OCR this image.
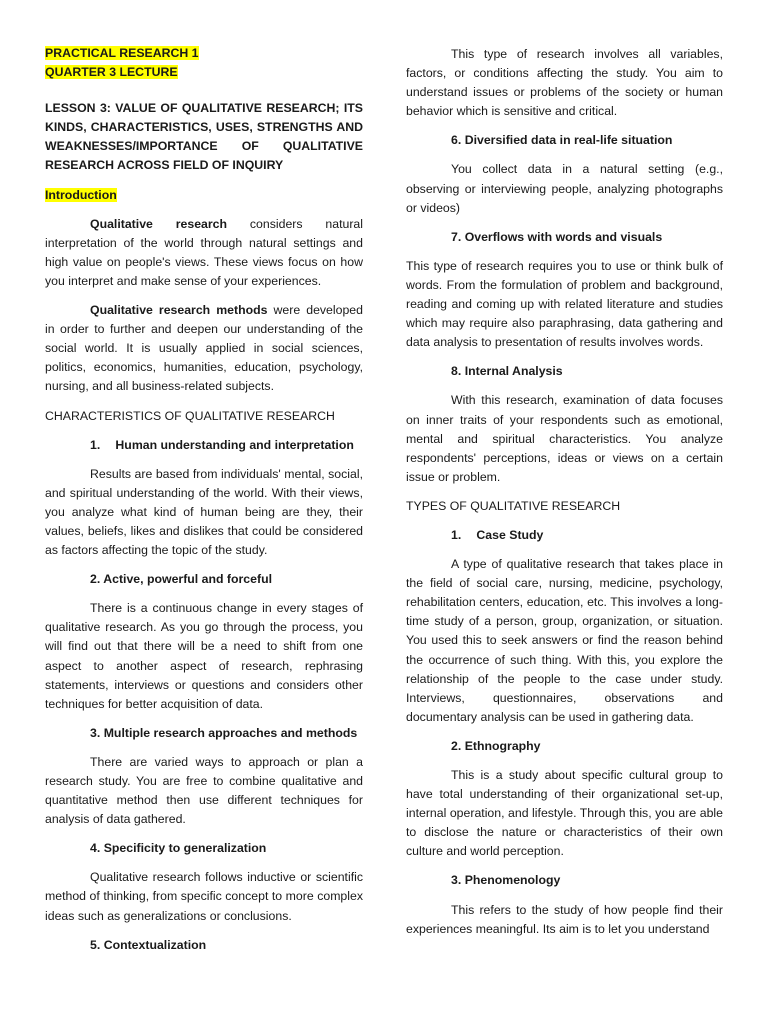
PRACTICAL RESEARCH 1
QUARTER 3 LECTURE

LESSON 3: VALUE OF QUALITATIVE RESEARCH; ITS KINDS, CHARACTERISTICS, USES, STRENGTHS AND WEAKNESSES/IMPORTANCE OF QUALITATIVE RESEARCH ACROSS FIELD OF INQUIRY

Introduction

Qualitative research considers natural interpretation of the world through natural settings and high value on people's views. These views focus on how you interpret and make sense of your experiences.

Qualitative research methods were developed in order to further and deepen our understanding of the social world. It is usually applied in social sciences, politics, economics, humanities, education, psychology, nursing, and all business-related subjects.

CHARACTERISTICS OF QUALITATIVE RESEARCH

1. Human understanding and interpretation

Results are based from individuals' mental, social, and spiritual understanding of the world. With their views, you analyze what kind of human being are they, their values, beliefs, likes and dislikes that could be considered as factors affecting the topic of the study.

2. Active, powerful and forceful

There is a continuous change in every stages of qualitative research. As you go through the process, you will find out that there will be a need to shift from one aspect to another aspect of research, rephrasing statements, interviews or questions and considers other techniques for better acquisition of data.

3. Multiple research approaches and methods

There are varied ways to approach or plan a research study. You are free to combine qualitative and quantitative method then use different techniques for analysis of data gathered.

4. Specificity to generalization

Qualitative research follows inductive or scientific method of thinking, from specific concept to more complex ideas such as generalizations or conclusions.

5. Contextualization

This type of research involves all variables, factors, or conditions affecting the study. You aim to understand issues or problems of the society or human behavior which is sensitive and critical.

6. Diversified data in real-life situation

You collect data in a natural setting (e.g., observing or interviewing people, analyzing photographs or videos)

7. Overflows with words and visuals

This type of research requires you to use or think bulk of words. From the formulation of problem and background, reading and coming up with related literature and studies which may require also paraphrasing, data gathering and data analysis to presentation of results involves words.

8. Internal Analysis

With this research, examination of data focuses on inner traits of your respondents such as emotional, mental and spiritual characteristics. You analyze respondents' perceptions, ideas or views on a certain issue or problem.

TYPES OF QUALITATIVE RESEARCH

1. Case Study

A type of qualitative research that takes place in the field of social care, nursing, medicine, psychology, rehabilitation centers, education, etc. This involves a long-time study of a person, group, organization, or situation. You used this to seek answers or find the reason behind the occurrence of such thing. With this, you explore the relationship of the people to the case under study. Interviews, questionnaires, observations and documentary analysis can be used in gathering data.

2. Ethnography

This is a study about specific cultural group to have total understanding of their organizational set-up, internal operation, and lifestyle. Through this, you are able to disclose the nature or characteristics of their own culture and world perception.

3. Phenomenology

This refers to the study of how people find their experiences meaningful. Its aim is to let you understand
